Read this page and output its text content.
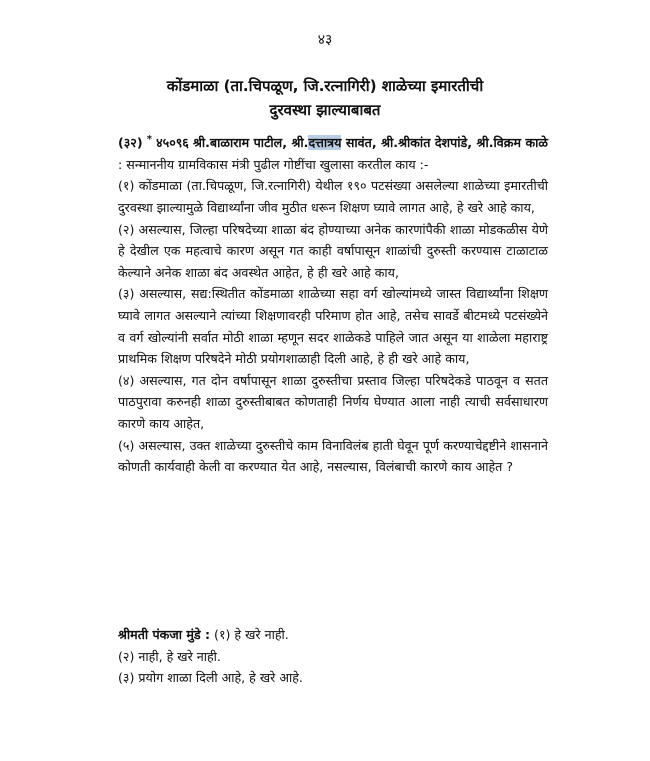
४३
कोंडमाळा (ता.चिपळूण, जि.रत्नागिरी) शाळेच्या इमारतीची
दुरवस्था झाल्याबाबत

(३२) * ४५०९६ श्री.बाळाराम पाटील, श्री.दत्तात्रय सावंत, श्री.श्रीकांत देशपांडे, श्री.विक्रम काळे : सन्माननीय ग्रामविकास मंत्री पुढील गोष्टींचा खुलासा करतील काय :-

(१) कोंडमाळा (ता.चिपळूण, जि.रत्नागिरी) येथील १९० पटसंख्या असलेल्या शाळेच्या इमारतीची दुरवस्था झाल्यामुळे विद्यार्थ्यांना जीव मुठीत धरून शिक्षण घ्यावे लागत आहे, हे खरे आहे काय,

(२) असल्यास, जिल्हा परिषदेच्या शाळा बंद होण्याच्या अनेक कारणांपैकी शाळा मोडकळीस येणे हे देखील एक महत्वाचे कारण असून गत काही वर्षापासून शाळांची दुरुस्ती करण्यास टाळाटाळ केल्याने अनेक शाळा बंद अवस्थेत आहेत, हे ही खरे आहे काय,

(३) असल्यास, सद्य:स्थितीत कोंडमाळा शाळेच्या सहा वर्ग खोल्यांमध्ये जास्त विद्यार्थ्यांना शिक्षण घ्यावे लागत असल्याने त्यांच्या शिक्षणावरही परिमाण होत आहे, तसेच सावर्डे बीटमध्ये पटसंख्येने व वर्ग खोल्यांनी सर्वात मोठी शाळा म्हणून सदर शाळेकडे पाहिले जात असून या शाळेला महाराष्ट्र प्राथमिक शिक्षण परिषदेने मोठी प्रयोगशाळाही दिली आहे, हे ही खरे आहे काय,

(४) असल्यास, गत दोन वर्षापासून शाळा दुरुस्तीचा प्रस्ताव जिल्हा परिषदेकडे पाठवून व सतत पाठपुरावा करुनही शाळा दुरुस्तीबाबत कोणताही निर्णय घेण्यात आला नाही त्याची सर्वसाधारण कारणे काय आहेत,

(५) असल्यास, उक्त शाळेच्या दुरुस्तीचे काम विनाविलंब हाती घेवून पूर्ण करण्याचेद्दष्टीने शासनाने कोणती कार्यवाही केली वा करण्यात येत आहे, नसल्यास, विलंबाची कारणे काय आहेत ?

श्रीमती पंकजा मुंडे : (१) हे खरे नाही.

(२) नाही, हे खरे नाही.

(३) प्रयोग शाळा दिली आहे, हे खरे आहे.
